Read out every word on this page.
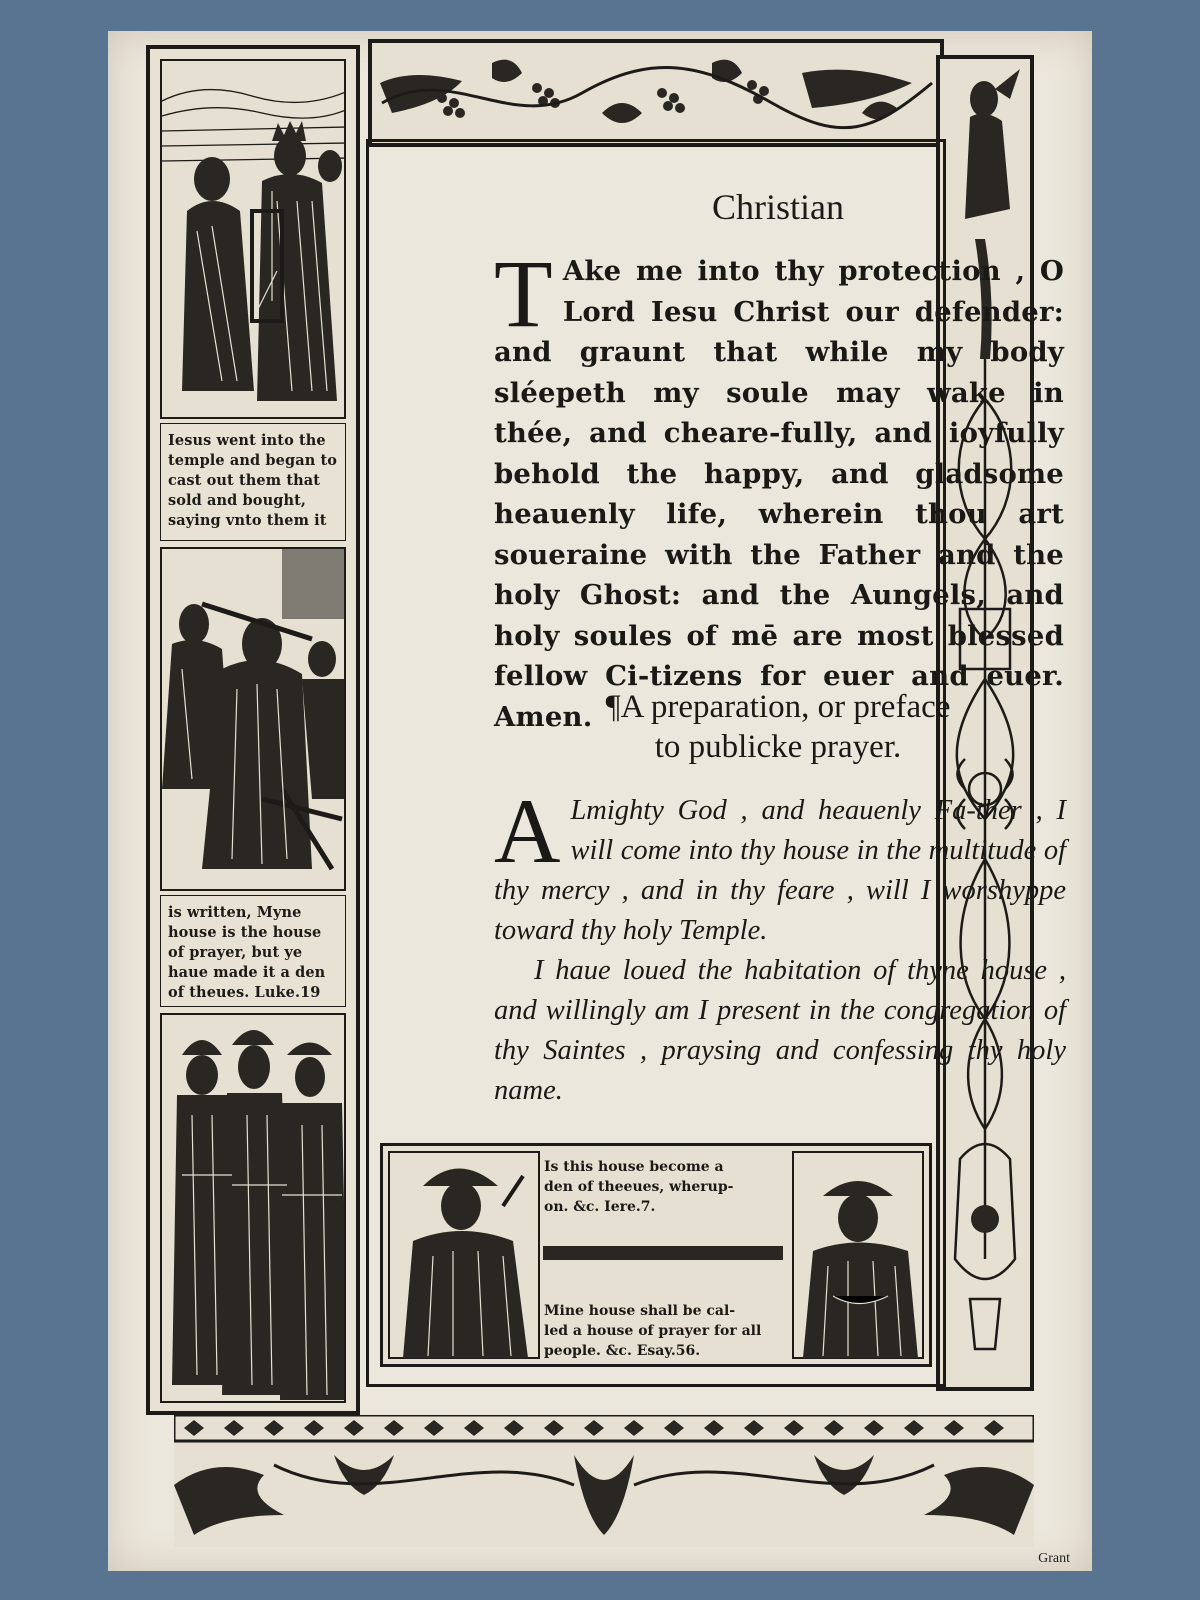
Iesus went into the
temple and began to
cast out them that
sold and bought,
saying vnto them it
is written, Myne
house is the house
of prayer, but ye
haue made it a den
of theues. Luke.19
Christian
T Ake me into thy protection , O Lord Iesu Christ our defender: and graunt that while my body sléepeth my soule may wake in thée, and cheare-fully, and ioyfully behold the happy, and gladsome heauenly life, wherein thou art soueraine with the Father and the holy Ghost: and the Aungels, and holy soules of mē are most blessed fellow Ci-tizens for euer and euer. Amen. ¶A preparation, or preface
to publicke prayer.

A Lmighty God , and heauenly Fa-ther , I will come into thy house in the multitude of thy mercy , and in thy feare , will I worshyppe toward thy holy Temple.

I haue loued the habitation of thyne house , and willingly am I present in the congregation of thy Saintes , praysing and confessing thy holy name.

Is this house become a
den of theeues, wherup-
on. &c. Iere.7.
Mine house shall be cal-
led a house of prayer for all
people. &c. Esay.56.
Grant
